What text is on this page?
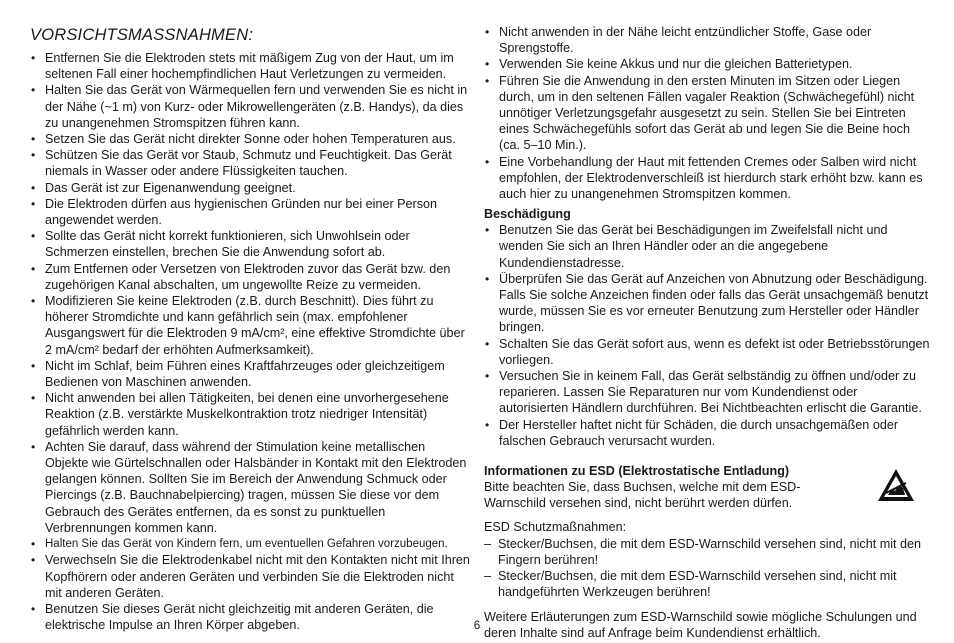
VORSICHTSMASSNAHMEN:
• Entfernen Sie die Elektroden stets mit mäßigem Zug von der Haut, um im seltenen Fall einer hochempfindlichen Haut Verletzungen zu vermeiden.
• Halten Sie das Gerät von Wärmequellen fern und verwenden Sie es nicht in der Nähe (~1 m) von Kurz- oder Mikrowellengeräten (z.B. Handys), da dies zu unangenehmen Stromspitzen führen kann.
• Setzen Sie das Gerät nicht direkter Sonne oder hohen Temperaturen aus.
• Schützen Sie das Gerät vor Staub, Schmutz und Feuchtigkeit. Das Gerät niemals in Wasser oder andere Flüssigkeiten tauchen.
• Das Gerät ist zur Eigenanwendung geeignet.
• Die Elektroden dürfen aus hygienischen Gründen nur bei einer Person angewendet werden.
• Sollte das Gerät nicht korrekt funktionieren, sich Unwohlsein oder Schmerzen einstellen, brechen Sie die Anwendung sofort ab.
• Zum Entfernen oder Versetzen von Elektroden zuvor das Gerät bzw. den zugehörigen Kanal abschalten, um ungewollte Reize zu vermeiden.
• Modifizieren Sie keine Elektroden (z.B. durch Beschnitt). Dies führt zu höherer Stromdichte und kann gefährlich sein (max. empfohlener Ausgangswert für die Elektroden 9 mA/cm², eine effektive Stromdichte über 2 mA/cm² bedarf der erhöhten Aufmerksamkeit).
• Nicht im Schlaf, beim Führen eines Kraftfahrzeuges oder gleichzeitigem Bedienen von Maschinen anwenden.
• Nicht anwenden bei allen Tätigkeiten, bei denen eine unvorhergesehene Reaktion (z.B. verstärkte Muskelkontraktion trotz niedriger Intensität) gefährlich werden kann.
• Achten Sie darauf, dass während der Stimulation keine metallischen Objekte wie Gürtelschnallen oder Halsbänder in Kontakt mit den Elektroden gelangen können. Sollten Sie im Bereich der Anwendung Schmuck oder Piercings (z.B. Bauchnabelpiercing) tragen, müssen Sie diese vor dem Gebrauch des Gerätes entfernen, da es sonst zu punktuellen Verbrennungen kommen kann.
• Halten Sie das Gerät von Kindern fern, um eventuellen Gefahren vorzubeugen.
• Verwechseln Sie die Elektrodenkabel nicht mit den Kontakten nicht mit Ihren Kopfhörern oder anderen Geräten und verbinden Sie die Elektroden nicht mit anderen Geräten.
• Benutzen Sie dieses Gerät nicht gleichzeitig mit anderen Geräten, die elektrische Impulse an Ihren Körper abgeben.
• Nicht anwenden in der Nähe leicht entzündlicher Stoffe, Gase oder Sprengstoffe.
• Verwenden Sie keine Akkus und nur die gleichen Batterietypen.
• Führen Sie die Anwendung in den ersten Minuten im Sitzen oder Liegen durch, um in den seltenen Fällen vagaler Reaktion (Schwächegefühl) nicht unnötiger Verletzungsgefahr ausgesetzt zu sein. Stellen Sie bei Eintreten eines Schwächegefühls sofort das Gerät ab und legen Sie die Beine hoch (ca. 5–10 Min.).
• Eine Vorbehandlung der Haut mit fettenden Cremes oder Salben wird nicht empfohlen, der Elektrodenverschleiß ist hierdurch stark erhöht bzw. kann es auch hier zu unangenehmen Stromspitzen kommen.
Beschädigung
• Benutzen Sie das Gerät bei Beschädigungen im Zweifelsfall nicht und wenden Sie sich an Ihren Händler oder an die angegebene Kundendienstadresse.
• Überprüfen Sie das Gerät auf Anzeichen von Abnutzung oder Beschädigung. Falls Sie solche Anzeichen finden oder falls das Gerät unsachgemäß benutzt wurde, müssen Sie es vor erneuter Benutzung zum Hersteller oder Händler bringen.
• Schalten Sie das Gerät sofort aus, wenn es defekt ist oder Betriebsstörungen vorliegen.
• Versuchen Sie in keinem Fall, das Gerät selbständig zu öffnen und/oder zu reparieren. Lassen Sie Reparaturen nur vom Kundendienst oder autorisierten Händlern durchführen. Bei Nichtbeachten erlischt die Garantie.
• Der Hersteller haftet nicht für Schäden, die durch unsachgemäßen oder falschen Gebrauch verursacht wurden.
Informationen zu ESD (Elektrostatische Entladung)

Bitte beachten Sie, dass Buchsen, welche mit dem ESD-Warnschild versehen sind, nicht berührt werden dürfen.

ESD Schutzmaßnahmen:

– Stecker/Buchsen, die mit dem ESD-Warnschild versehen sind, nicht mit den Fingern berühren!
– Stecker/Buchsen, die mit dem ESD-Warnschild versehen sind, nicht mit handgeführten Werkzeugen berühren!

Weitere Erläuterungen zum ESD-Warnschild sowie mögliche Schulungen und deren Inhalte sind auf Anfrage beim Kundendienst erhältlich.

6
